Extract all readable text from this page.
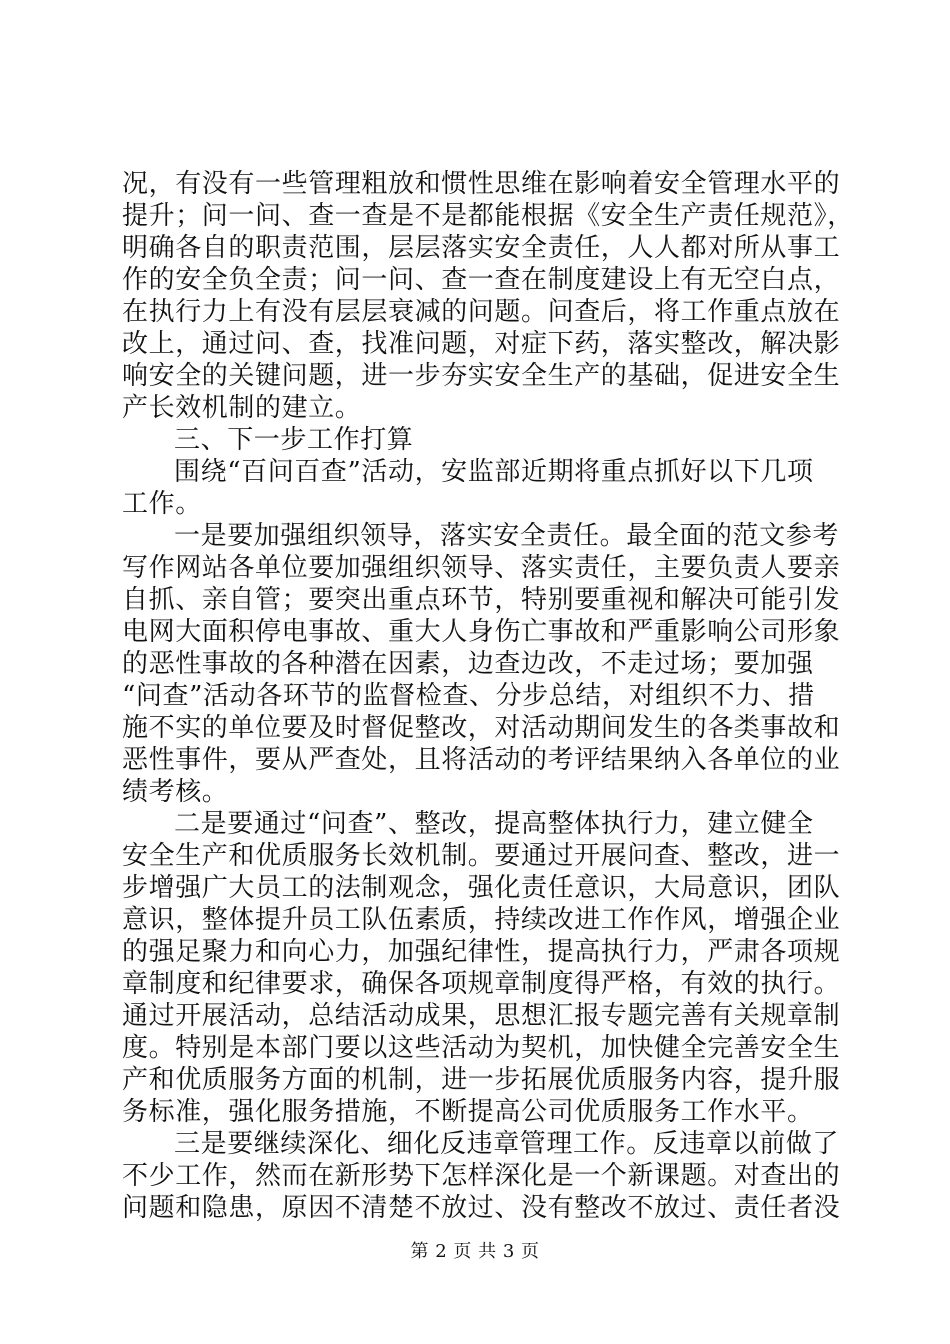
况，有没有一些管理粗放和惯性思维在影响着安全管理水平的
提升；问一问、查一查是不是都能根据《安全生产责任规范》，
明确各自的职责范围，层层落实安全责任，人人都对所从事工
作的安全负全责；问一问、查一查在制度建设上有无空白点，
在执行力上有没有层层衰减的问题。问查后，将工作重点放在
改上，通过问、查，找准问题，对症下药，落实整改，解决影
响安全的关键问题，进一步夯实安全生产的基础，促进安全生
产长效机制的建立。
三、下一步工作打算
围绕“百问百查”活动，安监部近期将重点抓好以下几项
工作。
一是要加强组织领导，落实安全责任。最全面的范文参考
写作网站各单位要加强组织领导、落实责任，主要负责人要亲
自抓、亲自管；要突出重点环节，特别要重视和解决可能引发
电网大面积停电事故、重大人身伤亡事故和严重影响公司形象
的恶性事故的各种潜在因素，边查边改，不走过场；要加强
“问查”活动各环节的监督检查、分步总结，对组织不力、措
施不实的单位要及时督促整改，对活动期间发生的各类事故和
恶性事件，要从严查处，且将活动的考评结果纳入各单位的业
绩考核。
二是要通过“问查”、整改，提高整体执行力，建立健全
安全生产和优质服务长效机制。要通过开展问查、整改，进一
步增强广大员工的法制观念，强化责任意识，大局意识，团队
意识，整体提升员工队伍素质，持续改进工作作风，增强企业
的强足聚力和向心力，加强纪律性，提高执行力，严肃各项规
章制度和纪律要求，确保各项规章制度得严格，有效的执行。
通过开展活动，总结活动成果，思想汇报专题完善有关规章制
度。特别是本部门要以这些活动为契机，加快健全完善安全生
产和优质服务方面的机制，进一步拓展优质服务内容，提升服
务标准，强化服务措施，不断提高公司优质服务工作水平。
三是要继续深化、细化反违章管理工作。反违章以前做了
不少工作，然而在新形势下怎样深化是一个新课题。对查出的
问题和隐患，原因不清楚不放过、没有整改不放过、责任者没
第 2 页 共 3 页
